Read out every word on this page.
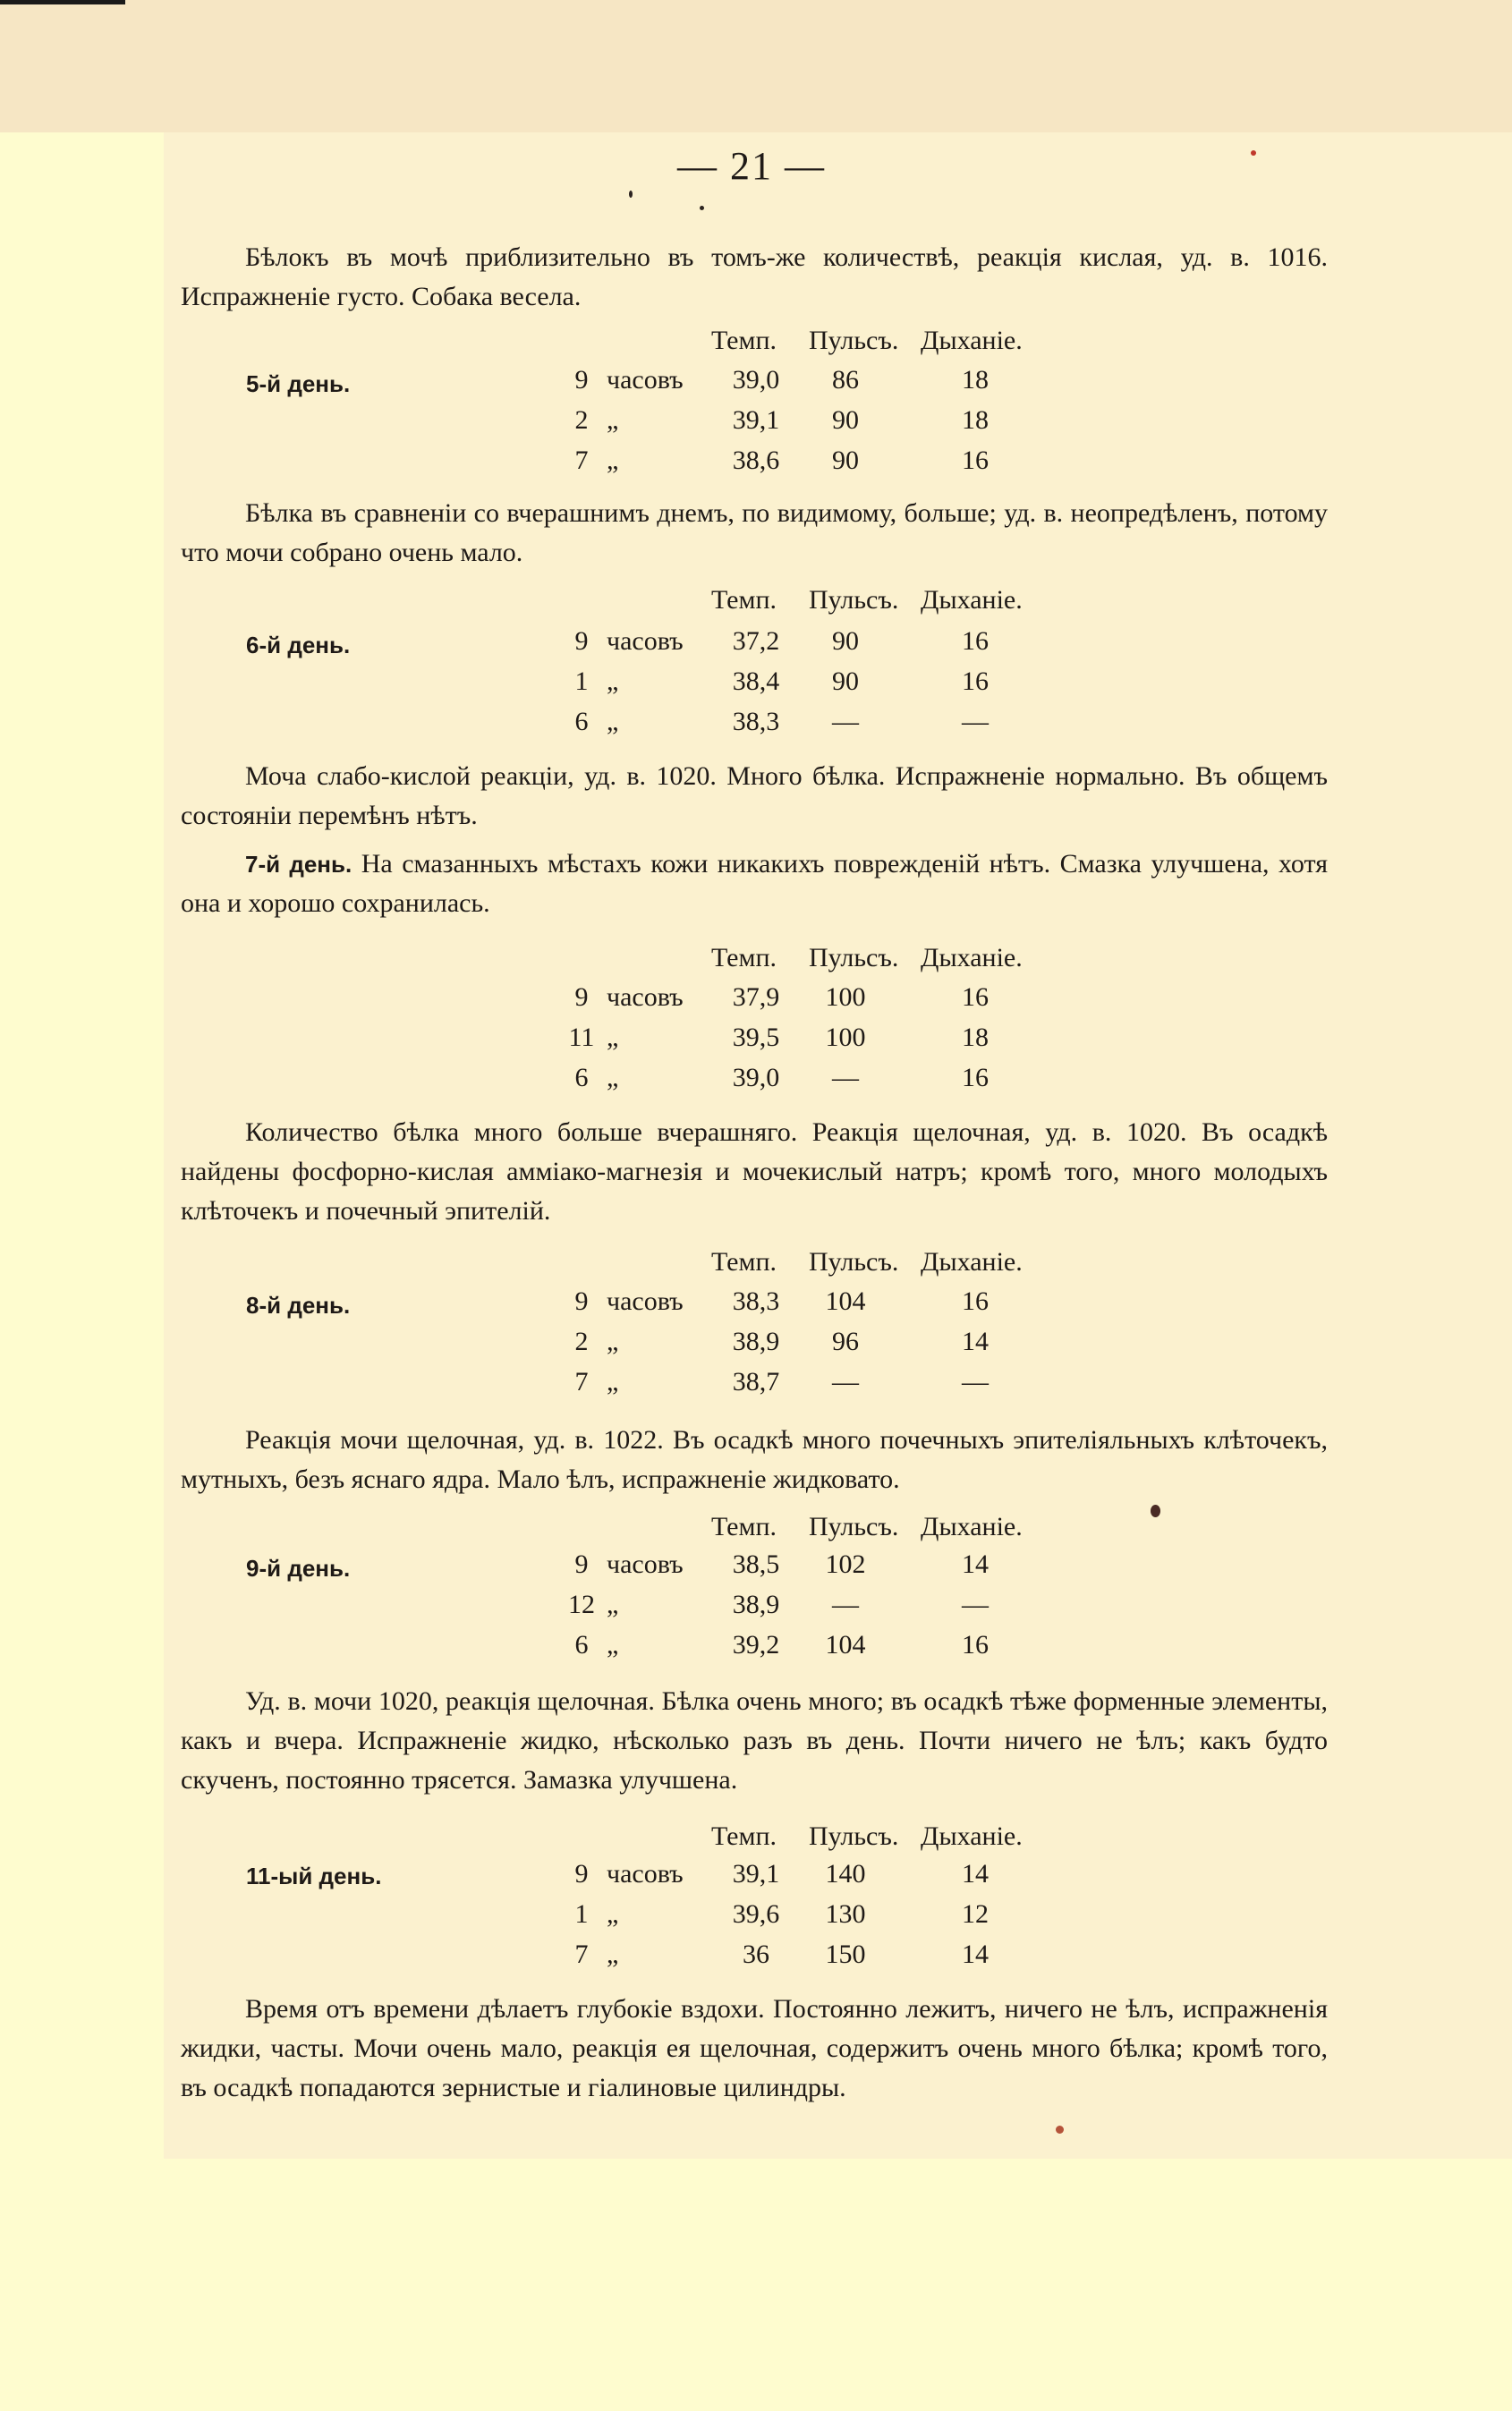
— 21 —

Бѣлокъ въ мочѣ приблизительно въ томъ-же количествѣ, реакція кислая, уд. в. 1016. Испражненіе густо. Собака весела.

Темп. Пульсъ. Дыханіе.
5-й день.	9 часовъ	39,0	86	18
2 „	39,1	90	18
7 „	38,6	90	16

Бѣлка въ сравненіи со вчерашнимъ днемъ, по видимому, больше; уд. в. неопредѣленъ, потому что мочи собрано очень мало.

Темп. Пульсъ. Дыханіе.
6-й день.	9 часовъ	37,2	90	16
1 „	38,4	90	16
6 „	38,3	—	—

Моча слабо-кислой реакціи, уд. в. 1020. Много бѣлка. Испражненіе нормально. Въ общемъ состояніи перемѣнъ нѣтъ.

7-й день. На смазанныхъ мѣстахъ кожи никакихъ поврежденій нѣтъ. Смазка улучшена, хотя она и хорошо сохранилась.

Темп. Пульсъ. Дыханіе.
9 часовъ	37,9	100	16
11 „	39,5	100	18
6 „	39,0	—	16

Количество бѣлка много больше вчерашняго. Реакція щелочная, уд. в. 1020. Въ осадкѣ найдены фосфорно-кислая амміако-магнезія и мочекислый натръ; кромѣ того, много молодыхъ клѣточекъ и почечный эпителій.

Темп. Пульсъ. Дыханіе.
8-й день.	9 часовъ	38,3	104	16
2 „	38,9	96	14
7 „	38,7	—	—

Реакція мочи щелочная, уд. в. 1022. Въ осадкѣ много почечныхъ эпителіяльныхъ клѣточекъ, мутныхъ, безъ яснаго ядра. Мало ѣлъ, испражненіе жидковато.

Темп. Пульсъ. Дыханіе.
9-й день.	9 часовъ	38,5	102	14
12 „	38,9	—	—
6 „	39,2	104	16

Уд. в. мочи 1020, реакція щелочная. Бѣлка очень много; въ осадкѣ тѣже форменные элементы, какъ и вчера. Испражненіе жидко, нѣсколько разъ въ день. Почти ничего не ѣлъ; какъ будто скученъ, постоянно трясется. Замазка улучшена.

Темп. Пульсъ. Дыханіе.
11-ый день.	9 часовъ	39,1	140	14
1 „	39,6	130	12
7 „	36	150	14

Время отъ времени дѣлаетъ глубокіе вздохи. Постоянно лежитъ, ничего не ѣлъ, испражненія жидки, часты. Мочи очень мало, реакція ея щелочная, содержитъ очень много бѣлка; кромѣ того, въ осадкѣ попадаются зернистые и гіалиновые цилиндры.
